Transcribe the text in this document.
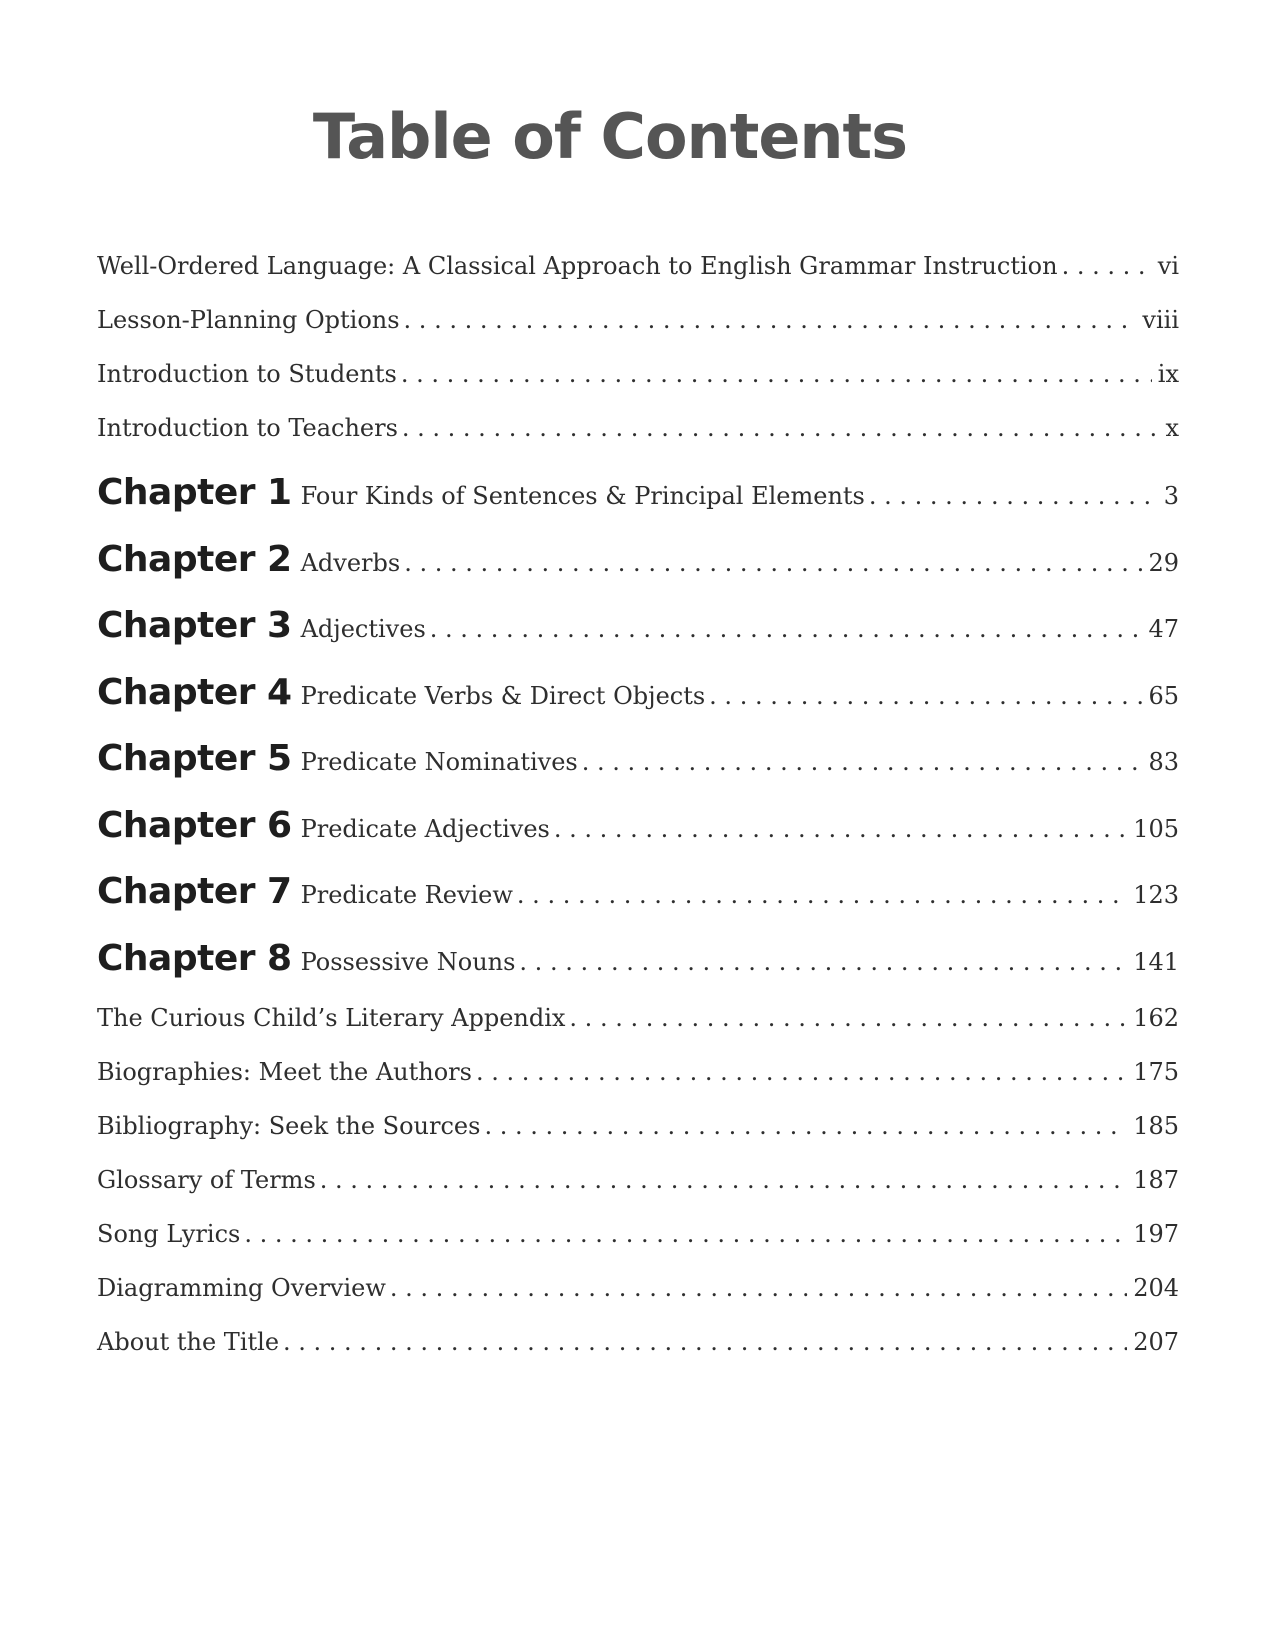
Table of Contents
Well-Ordered Language: A Classical Approach to English Grammar Instruction . . .	vi
Lesson-Planning Options . . .	viii
Introduction to Students . . .	ix
Introduction to Teachers . . .	x
Chapter 1 Four Kinds of Sentences & Principal Elements . . .	3
Chapter 2 Adverbs . . .	29
Chapter 3 Adjectives . . .	47
Chapter 4 Predicate Verbs & Direct Objects . . .	65
Chapter 5 Predicate Nominatives . . .	83
Chapter 6 Predicate Adjectives . . .	105
Chapter 7 Predicate Review . . .	123
Chapter 8 Possessive Nouns . . .	141
The Curious Child’s Literary Appendix . . .	162
Biographies: Meet the Authors . . .	175
Bibliography: Seek the Sources . . .	185
Glossary of Terms . . .	187
Song Lyrics . . .	197
Diagramming Overview . . .	204
About the Title . . .	207
